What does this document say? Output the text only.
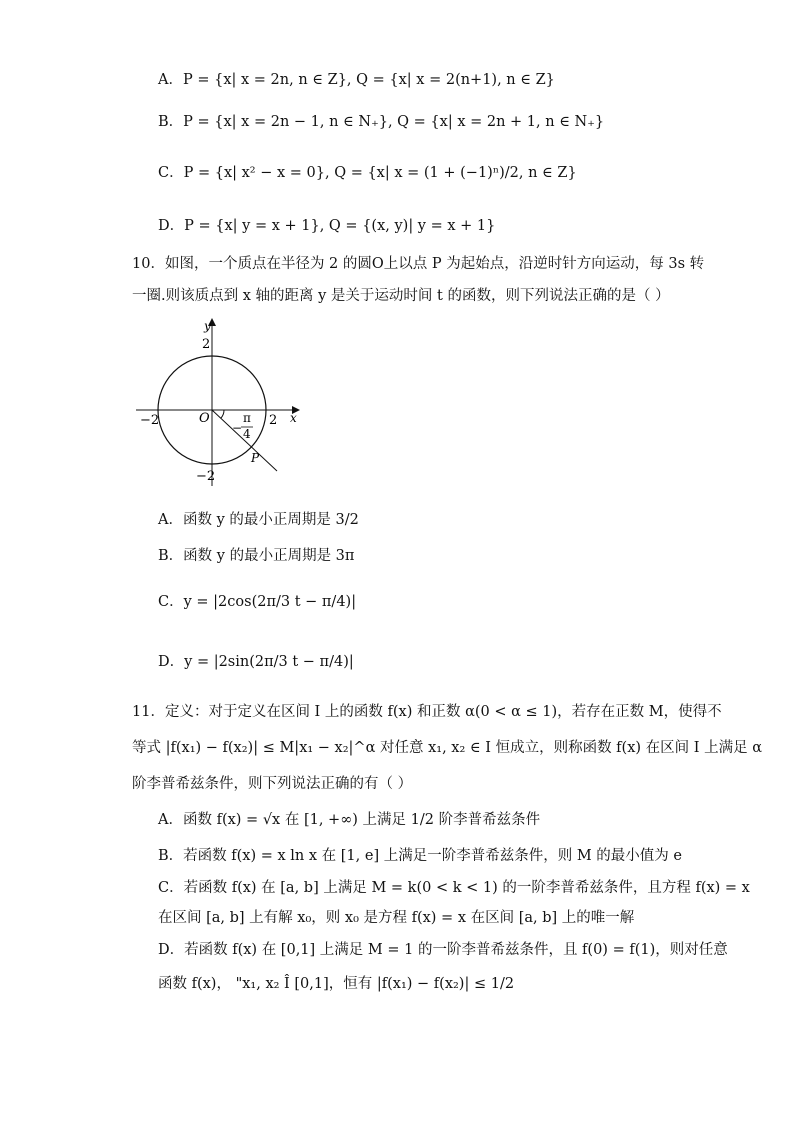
A．P = {x| x = 2n, n ∈ Z}, Q = {x| x = 2(n+1), n ∈ Z}
B．P = {x| x = 2n − 1, n ∈ N₊}, Q = {x| x = 2n + 1, n ∈ N₊}
C．P = {x| x² − x = 0}, Q = {x| x = (1 + (−1)ⁿ)/2, n ∈ Z}
D．P = {x| y = x + 1}, Q = {(x, y)| y = x + 1}
10．如图，一个质点在半径为 2 的圆O上以点 P 为起始点，沿逆时针方向运动，每 3s 转
一圈.则该质点到 x 轴的距离 y 是关于运动时间 t 的函数，则下列说法正确的是（ ）
y
x
2
−2
−2	2
O
−
π
4
P
A．函数 y 的最小正周期是 3/2
B．函数 y 的最小正周期是 3π
C．y = |2cos(2π/3 t − π/4)|
D．y = |2sin(2π/3 t − π/4)|
11．定义：对于定义在区间 I 上的函数 f(x) 和正数 α(0 < α ≤ 1)，若存在正数 M，使得不
等式 |f(x₁) − f(x₂)| ≤ M|x₁ − x₂|^α 对任意 x₁, x₂ ∈ I 恒成立，则称函数 f(x) 在区间 I 上满足 α
阶李普希兹条件，则下列说法正确的有（ ）
A．函数 f(x) = √x 在 [1, +∞) 上满足 1/2 阶李普希兹条件
B．若函数 f(x) = x ln x 在 [1, e] 上满足一阶李普希兹条件，则 M 的最小值为 e
C．若函数 f(x) 在 [a, b] 上满足 M = k(0 < k < 1) 的一阶李普希兹条件，且方程 f(x) = x
在区间 [a, b] 上有解 x₀，则 x₀ 是方程 f(x) = x 在区间 [a, b] 上的唯一解
D．若函数 f(x) 在 [0,1] 上满足 M = 1 的一阶李普希兹条件，且 f(0) = f(1)，则对任意
函数 f(x)， "x₁, x₂ Î [0,1]，恒有 |f(x₁) − f(x₂)| ≤ 1/2
